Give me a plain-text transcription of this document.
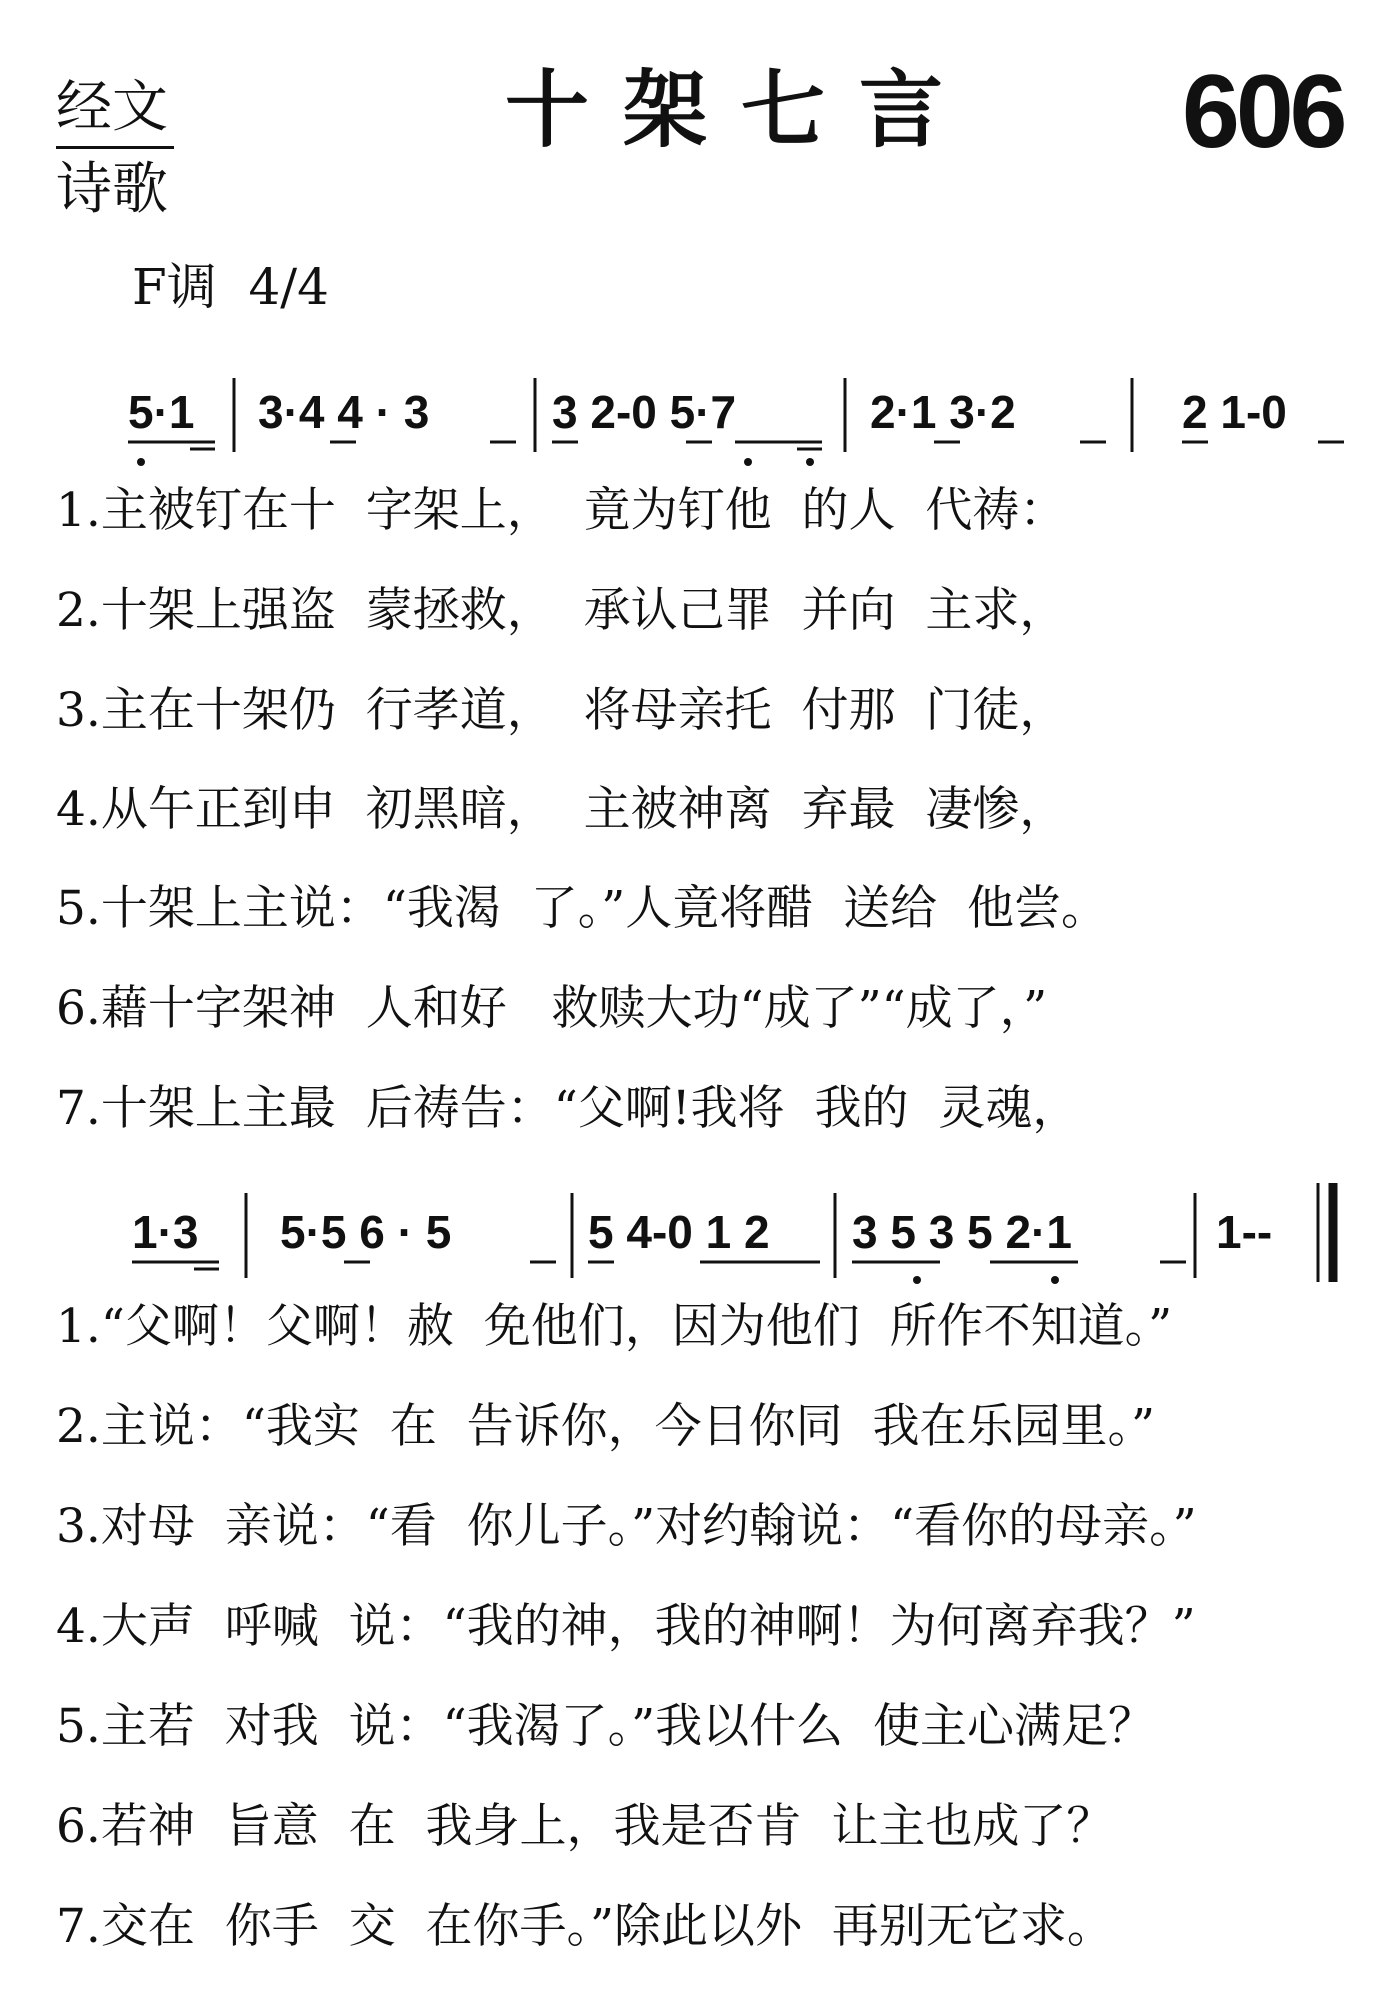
经文
诗歌
十架七言 606
F调  4/4
5·1 3·4 4 · 3	3 2-0 5·7	2·1 3·2	2 1-0
1·3 5·5 6 · 5	5 4-0 1 2 3 5 3 5 2·1	1--
1.主被钉在十  字架上，  竟为钉他  的人  代祷：
2.十架上强盗  蒙拯救，  承认己罪  并向  主求，
3.主在十架仍  行孝道，  将母亲托  付那  门徒，
4.从午正到申  初黑暗，  主被神离  弃最  凄惨，
5.十架上主说：“我渴  了。”人竟将醋  送给  他尝。
6.藉十字架神  人和好   救赎大功“成了”“成了，”
7.十架上主最  后祷告：“父啊!我将  我的  灵魂，
1.“父啊！父啊！赦  免他们，因为他们  所作不知道。”
2.主说：“我实  在  告诉你，今日你同  我在乐园里。”
3.对母  亲说：“看  你儿子。”对约翰说：“看你的母亲。”
4.大声  呼喊  说：“我的神，我的神啊！为何离弃我？”
5.主若  对我  说：“我渴了。”我以什么  使主心满足？
6.若神  旨意  在  我身上，我是否肯  让主也成了？
7.交在  你手  交  在你手。”除此以外  再别无它求。
